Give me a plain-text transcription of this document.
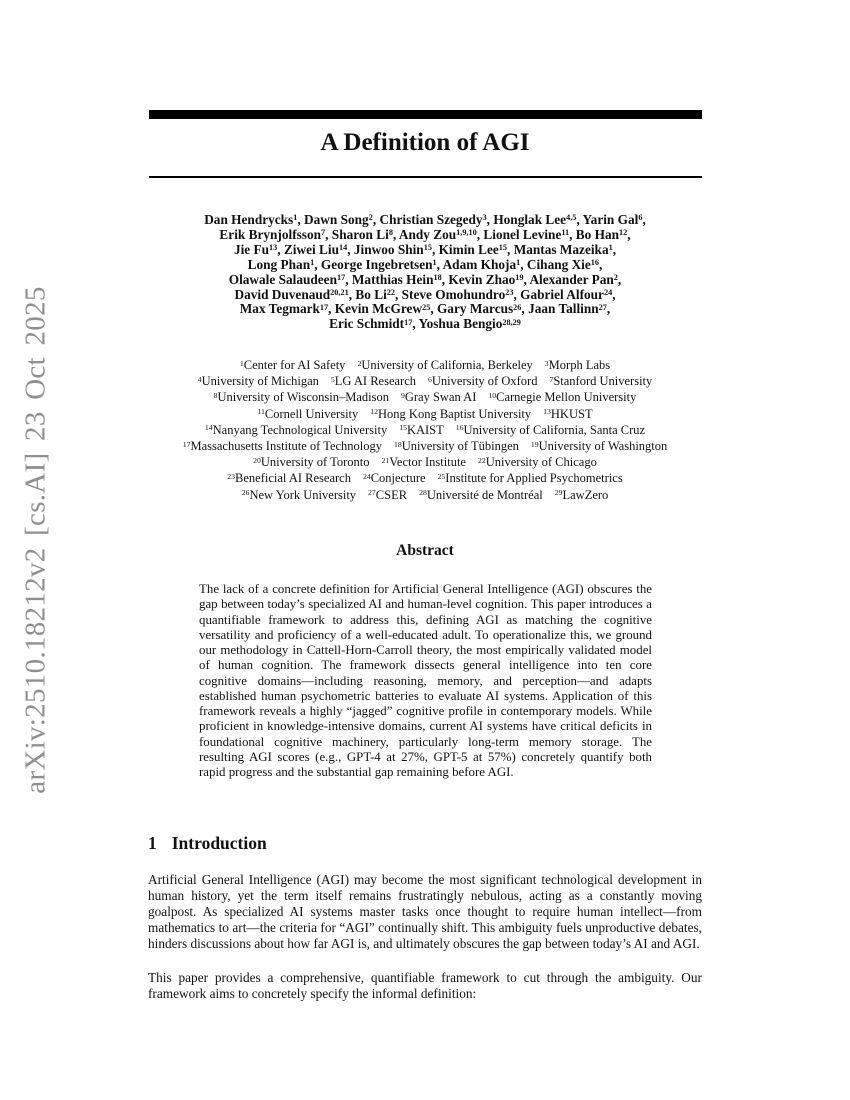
arXiv:2510.18212v2 [cs.AI] 23 Oct 2025
A Definition of AGI
Dan Hendrycks$^1$, Dawn Song$^2$, Christian Szegedy$^3$, Honglak Lee$^{4,5}$, Yarin Gal$^6$,
Erik Brynjolfsson$^7$, Sharon Li$^8$, Andy Zou$^{1,9,10}$, Lionel Levine$^{11}$, Bo Han$^{12}$,
Jie Fu$^{13}$, Ziwei Liu$^{14}$, Jinwoo Shin$^{15}$, Kimin Lee$^{15}$, Mantas Mazeika$^1$,
Long Phan$^1$, George Ingebretsen$^1$, Adam Khoja$^1$, Cihang Xie$^{16}$,
Olawale Salaudeen$^{17}$, Matthias Hein$^{18}$, Kevin Zhao$^{19}$, Alexander Pan$^2$,
David Duvenaud$^{20,21}$, Bo Li$^{22}$, Steve Omohundro$^{23}$, Gabriel Alfour$^{24}$,
Max Tegmark$^{17}$, Kevin McGrew$^{25}$, Gary Marcus$^{26}$, Jaan Tallinn$^{27}$,
Eric Schmidt$^{17}$, Yoshua Bengio$^{28,29}$
$^1$Center for AI Safety $^2$University of California, Berkeley $^3$Morph Labs
$^4$University of Michigan $^5$LG AI Research $^6$University of Oxford $^7$Stanford University
$^8$University of Wisconsin–Madison $^9$Gray Swan AI $^{10}$Carnegie Mellon University
$^{11}$Cornell University $^{12}$Hong Kong Baptist University $^{13}$HKUST
$^{14}$Nanyang Technological University $^{15}$KAIST $^{16}$University of California, Santa Cruz
$^{17}$Massachusetts Institute of Technology $^{18}$University of Tübingen $^{19}$University of Washington
$^{20}$University of Toronto $^{21}$Vector Institute $^{22}$University of Chicago
$^{23}$Beneficial AI Research $^{24}$Conjecture $^{25}$Institute for Applied Psychometrics
$^{26}$New York University $^{27}$CSER $^{28}$Université de Montréal $^{29}$LawZero
Abstract
The lack of a concrete definition for Artificial General Intelligence (AGI) obscures the gap between today’s specialized AI and human-level cognition. This paper introduces a quantifiable framework to address this, defining AGI as matching the cognitive versatility and proficiency of a well-educated adult. To operationalize this, we ground our methodology in Cattell-Horn-Carroll theory, the most empirically validated model of human cognition. The framework dissects general intelligence into ten core cognitive domains—including reasoning, memory, and perception—and adapts established human psychometric batteries to evaluate AI systems. Application of this framework reveals a highly “jagged” cognitive profile in contemporary models. While proficient in knowledge-intensive domains, current AI systems have critical deficits in foundational cognitive machinery, particularly long-term memory storage. The resulting AGI scores (e.g., GPT-4 at 27%, GPT-5 at 57%) concretely quantify both rapid progress and the substantial gap remaining before AGI.
1 Introduction
Artificial General Intelligence (AGI) may become the most significant technological development in human history, yet the term itself remains frustratingly nebulous, acting as a constantly moving goalpost. As specialized AI systems master tasks once thought to require human intellect—from mathematics to art—the criteria for “AGI” continually shift. This ambiguity fuels unproductive debates, hinders discussions about how far AGI is, and ultimately obscures the gap between today’s AI and AGI.
This paper provides a comprehensive, quantifiable framework to cut through the ambiguity. Our framework aims to concretely specify the informal definition:
